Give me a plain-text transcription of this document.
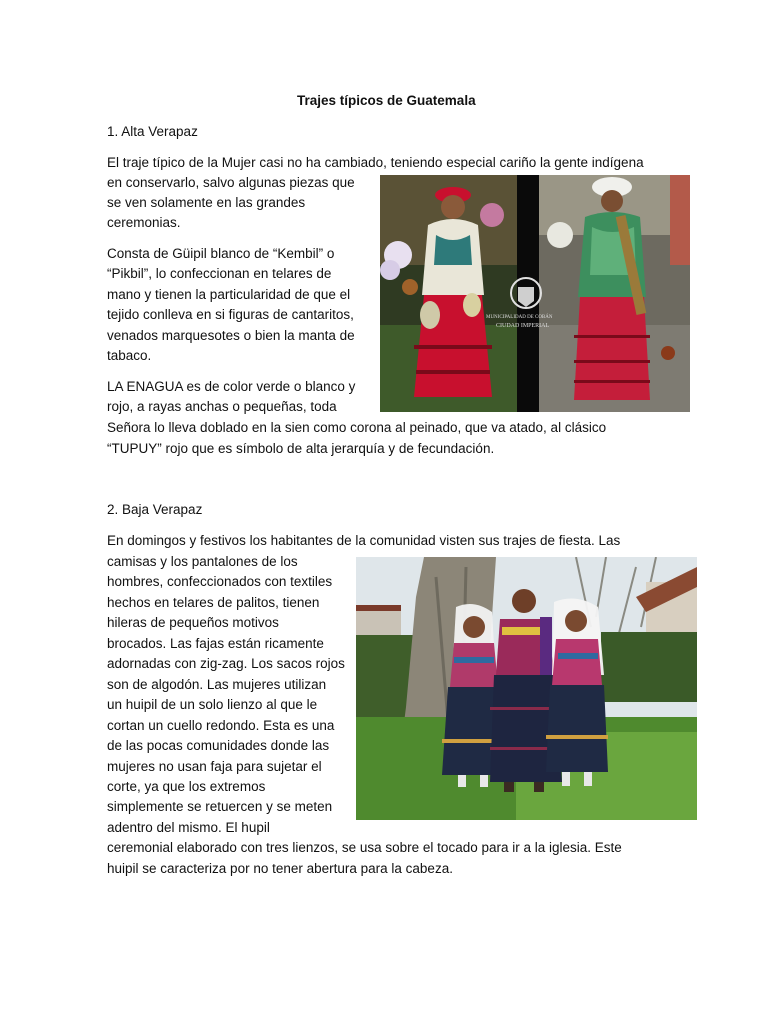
Trajes típicos de Guatemala
1. Alta Verapaz
El traje típico de la Mujer casi no ha cambiado, teniendo especial cariño la gente indígena
en conservarlo, salvo algunas piezas que
se ven solamente en las grandes
ceremonias.
Consta de Güipil blanco de “Kembil” o
“Pikbil”, lo confeccionan en telares de
mano y tienen la particularidad de que el
tejido conlleva en si figuras de cantaritos,
venados marquesotes o bien la manta de
tabaco.
LA ENAGUA es de color verde o blanco y
rojo, a rayas anchas o pequeñas, toda
Señora lo lleva doblado en la sien como corona al peinado, que va atado, al clásico
“TUPUY” rojo que es símbolo de alta jerarquía y de fecundación.
MUNICIPALIDAD DE COBÁN
CIUDAD IMPERIAL
2. Baja Verapaz
En domingos y festivos los habitantes de la comunidad visten sus trajes de fiesta. Las
camisas y los pantalones de los
hombres, confeccionados con textiles
hechos en telares de palitos, tienen
hileras de pequeños motivos
brocados. Las fajas están ricamente
adornadas con zig-zag. Los sacos rojos
son de algodón. Las mujeres utilizan
un huipil de un solo lienzo al que le
cortan un cuello redondo. Esta es una
de las pocas comunidades donde las
mujeres no usan faja para sujetar el
corte, ya que los extremos
simplemente se retuercen y se meten
adentro del mismo. El hupil
ceremonial elaborado con tres lienzos, se usa sobre el tocado para ir a la iglesia. Este
huipil se caracteriza por no tener abertura para la cabeza.
